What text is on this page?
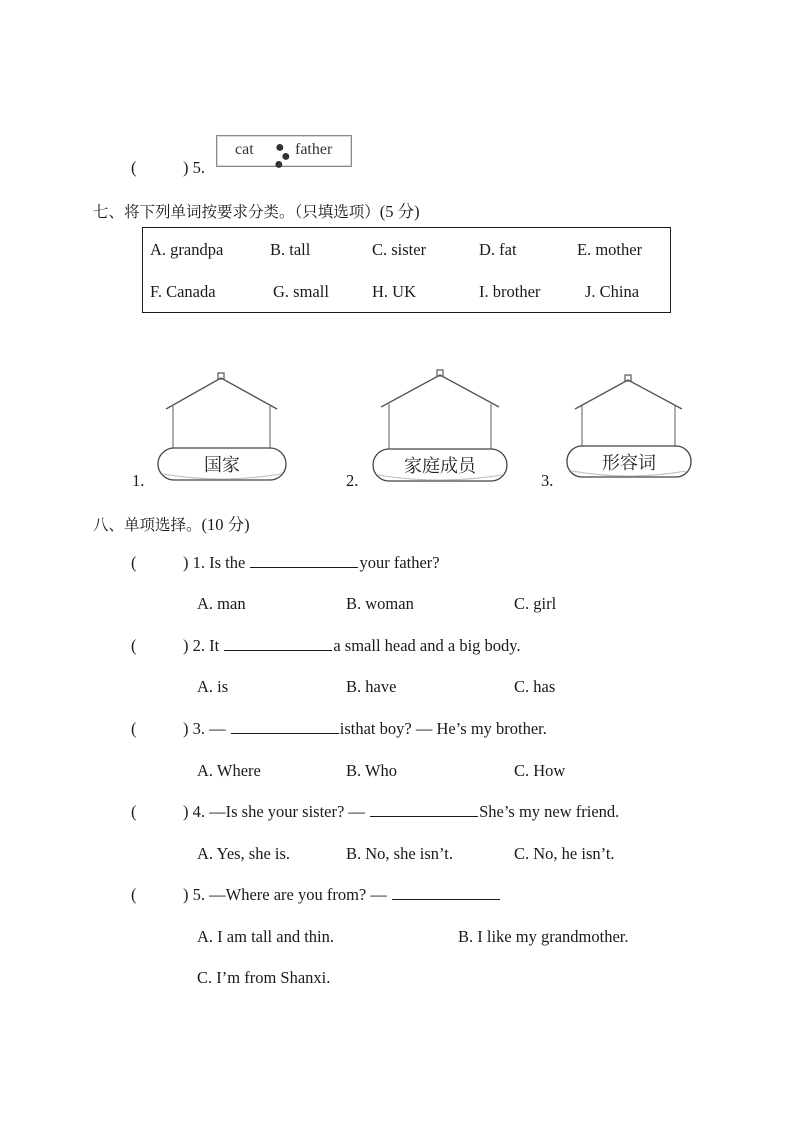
(	) 5.
cat ●
●
●
father
七、将下列单词按要求分类。（只填选项）(5 分)
A. grandpa	B. tall	C. sister	D. fat	E. mother
F. Canada	G. small	H. UK	I. brother	J. China
国家
1.
家庭成员
2.
形容词
3.
八、单项选择。(10 分)
(	) 1. Is the	your father?
A. man	B. woman	C. girl
(	) 2. It	a small head and a big body.
A. is	B. have	C. has
(	) 3. —	isthat boy? — He’s my brother.
A. Where	B. Who	C. How
(	) 4. —Is she your sister? —	She’s my new friend.
A. Yes, she is.	B. No, she isn’t.	C. No, he isn’t.
(	) 5. —Where are you from? —
A. I am tall and thin.	B. I like my grandmother.
C. I’m from Shanxi.
